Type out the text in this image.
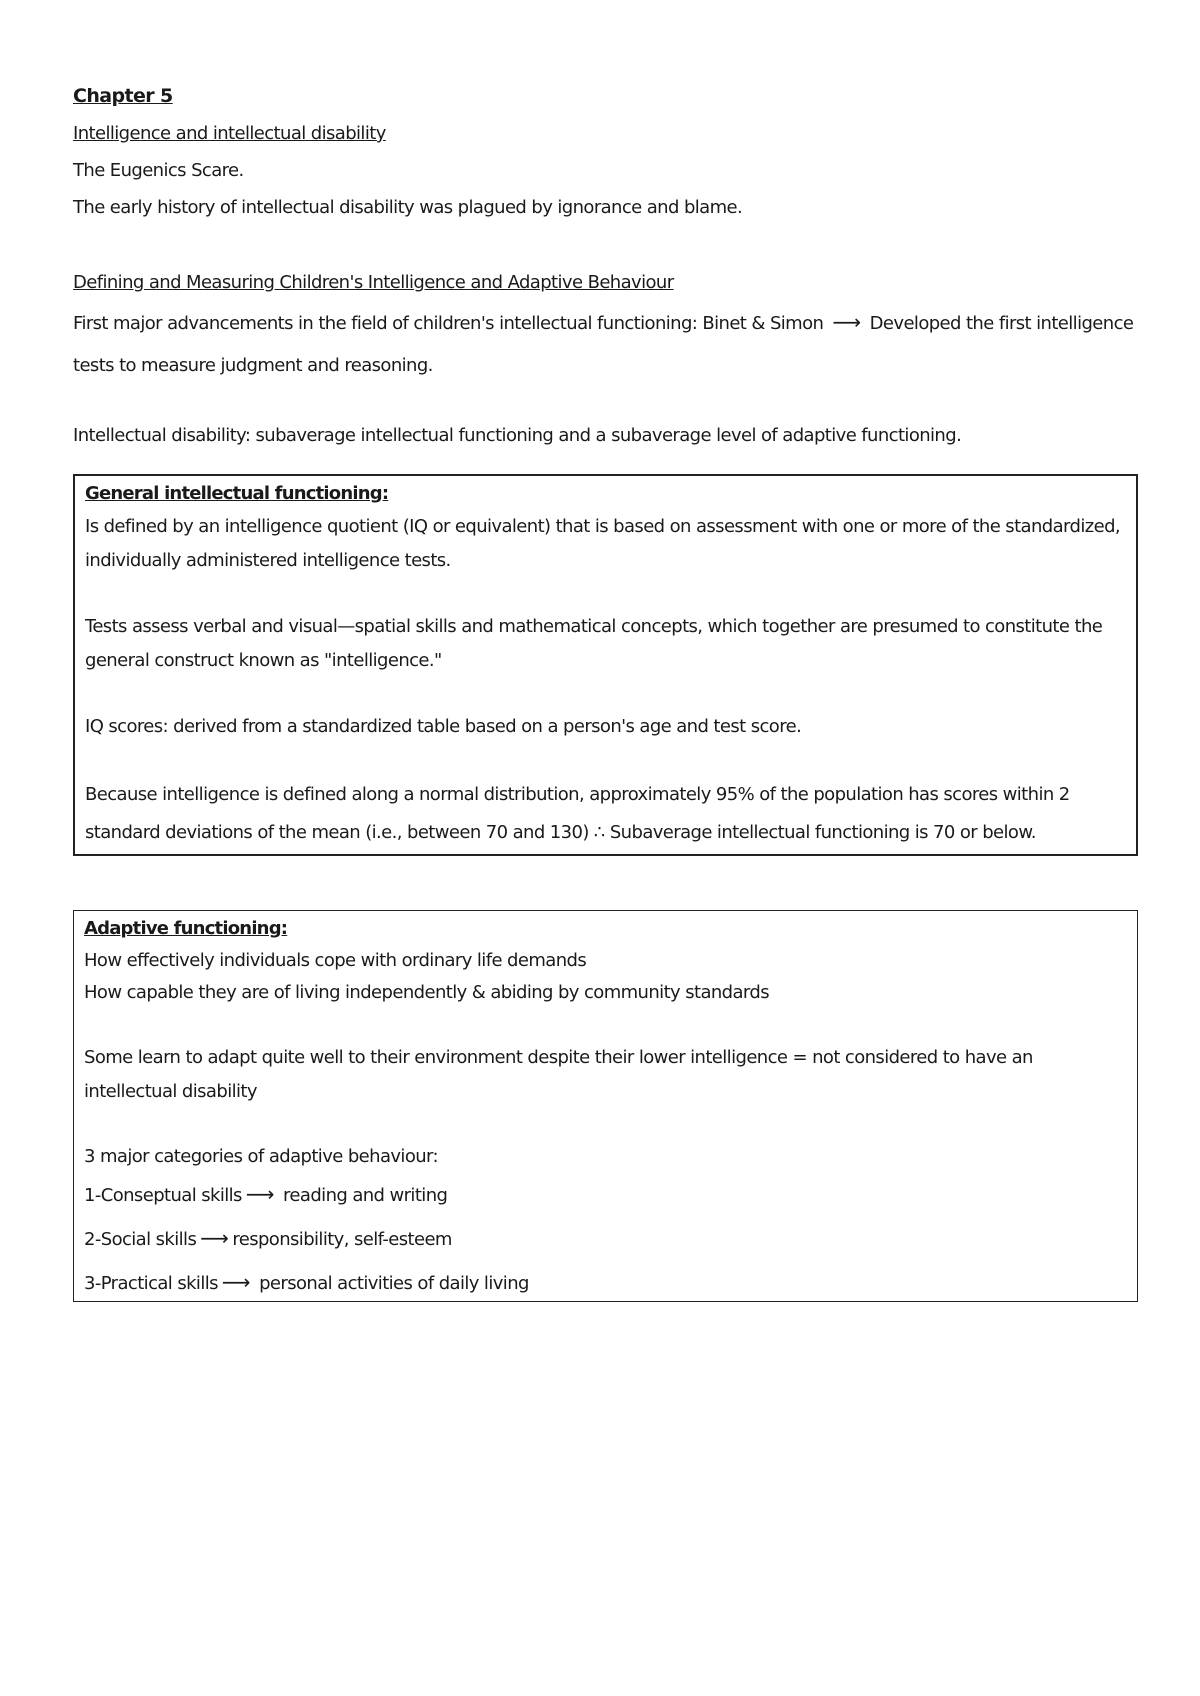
Chapter 5
Intelligence and intellectual disability
The Eugenics Scare.
The early history of intellectual disability was plagued by ignorance and blame.
Defining and Measuring Children's Intelligence and Adaptive Behaviour
First major advancements in the field of children's intellectual functioning: Binet & Simon ⟶ Developed the first intelligence tests to measure judgment and reasoning.
Intellectual disability: subaverage intellectual functioning and a subaverage level of adaptive functioning.
General intellectual functioning:
Is defined by an intelligence quotient (IQ or equivalent) that is based on assessment with one or more of the standardized, individually administered intelligence tests.
Tests assess verbal and visual—spatial skills and mathematical concepts, which together are presumed to constitute the general construct known as "intelligence."
IQ scores: derived from a standardized table based on a person's age and test score.
Because intelligence is defined along a normal distribution, approximately 95% of the population has scores within 2 standard deviations of the mean (i.e., between 70 and 130) ∴ Subaverage intellectual functioning is 70 or below.
Adaptive functioning:
How effectively individuals cope with ordinary life demands
How capable they are of living independently & abiding by community standards
Some learn to adapt quite well to their environment despite their lower intelligence = not considered to have an intellectual disability
3 major categories of adaptive behaviour:
1-Conseptual skills ⟶ reading and writing
2-Social skills ⟶ responsibility, self-esteem
3-Practical skills ⟶ personal activities of daily living
